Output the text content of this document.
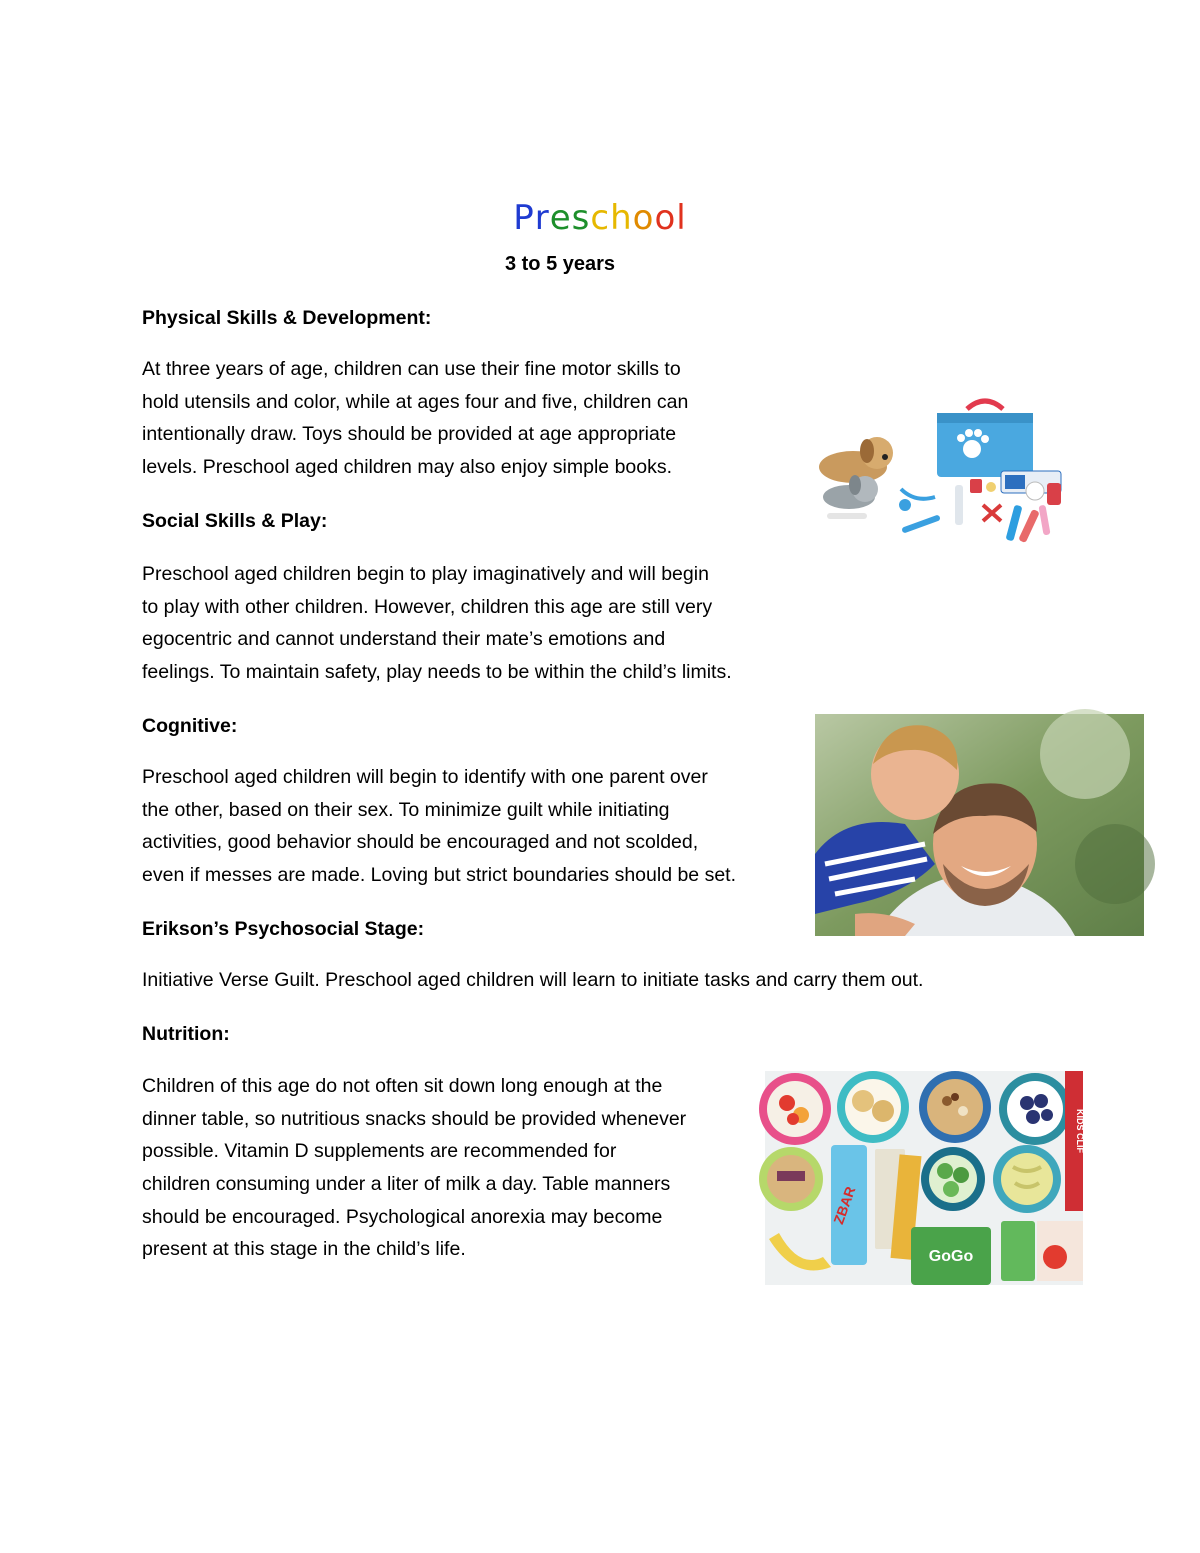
Preschool
3 to 5 years
Physical Skills & Development:
At three years of age, children can use their fine motor skills to
hold utensils and color, while at ages four and five, children can
intentionally draw. Toys should be provided at age appropriate
levels. Preschool aged children may also enjoy simple books.
Social Skills & Play:
Preschool aged children begin to play imaginatively and will begin
to play with other children. However, children this age are still very
egocentric and cannot understand their mate’s emotions and
feelings. To maintain safety, play needs to be within the child’s limits.
Cognitive:
Preschool aged children will begin to identify with one parent over
the other, based on their sex. To minimize guilt while initiating
activities, good behavior should be encouraged and not scolded,
even if messes are made. Loving but strict boundaries should be set.
Erikson’s Psychosocial Stage:
Initiative Verse Guilt. Preschool aged children will learn to initiate tasks and carry them out.
Nutrition:
Children of this age do not often sit down long enough at the
dinner table, so nutritious snacks should be provided whenever
possible. Vitamin D supplements are recommended for
children consuming under a liter of milk a day. Table manners
should be encouraged. Psychological anorexia may become
present at this stage in the child’s life.
ZBAR
GoGo
KIDS CLIF
